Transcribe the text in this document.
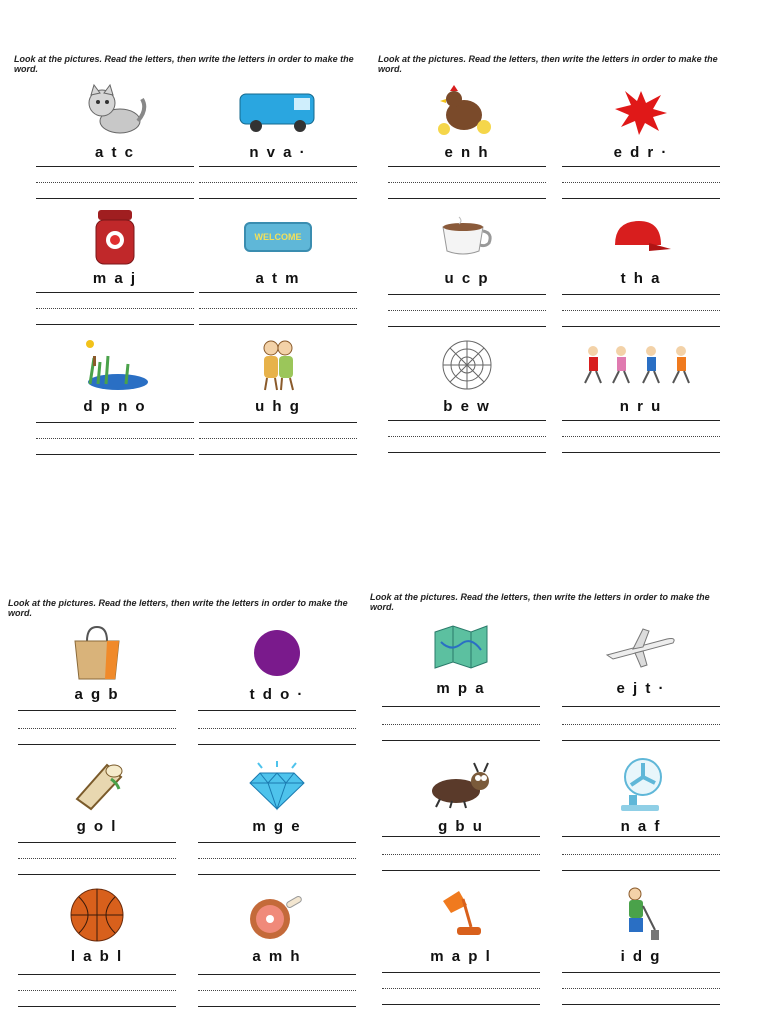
Look at the pictures. Read the letters, then write the letters in order to make the word.
a t c	n v a ·
m a j
WELCOME
a t m
d p n o	u h g
Look at the pictures. Read the letters, then write the letters in order to make the word.
e n h	e d r ·
u c p	t h a
b e w	n r u
Look at the pictures. Read the letters, then write the letters in order to make the word.
a g b	t d o ·
g o l	m g e
l a b l	a m h
Look at the pictures. Read the letters, then write the letters in order to make the word.
m p a	e j t ·
g b u	n a f
m a p l	i d g
